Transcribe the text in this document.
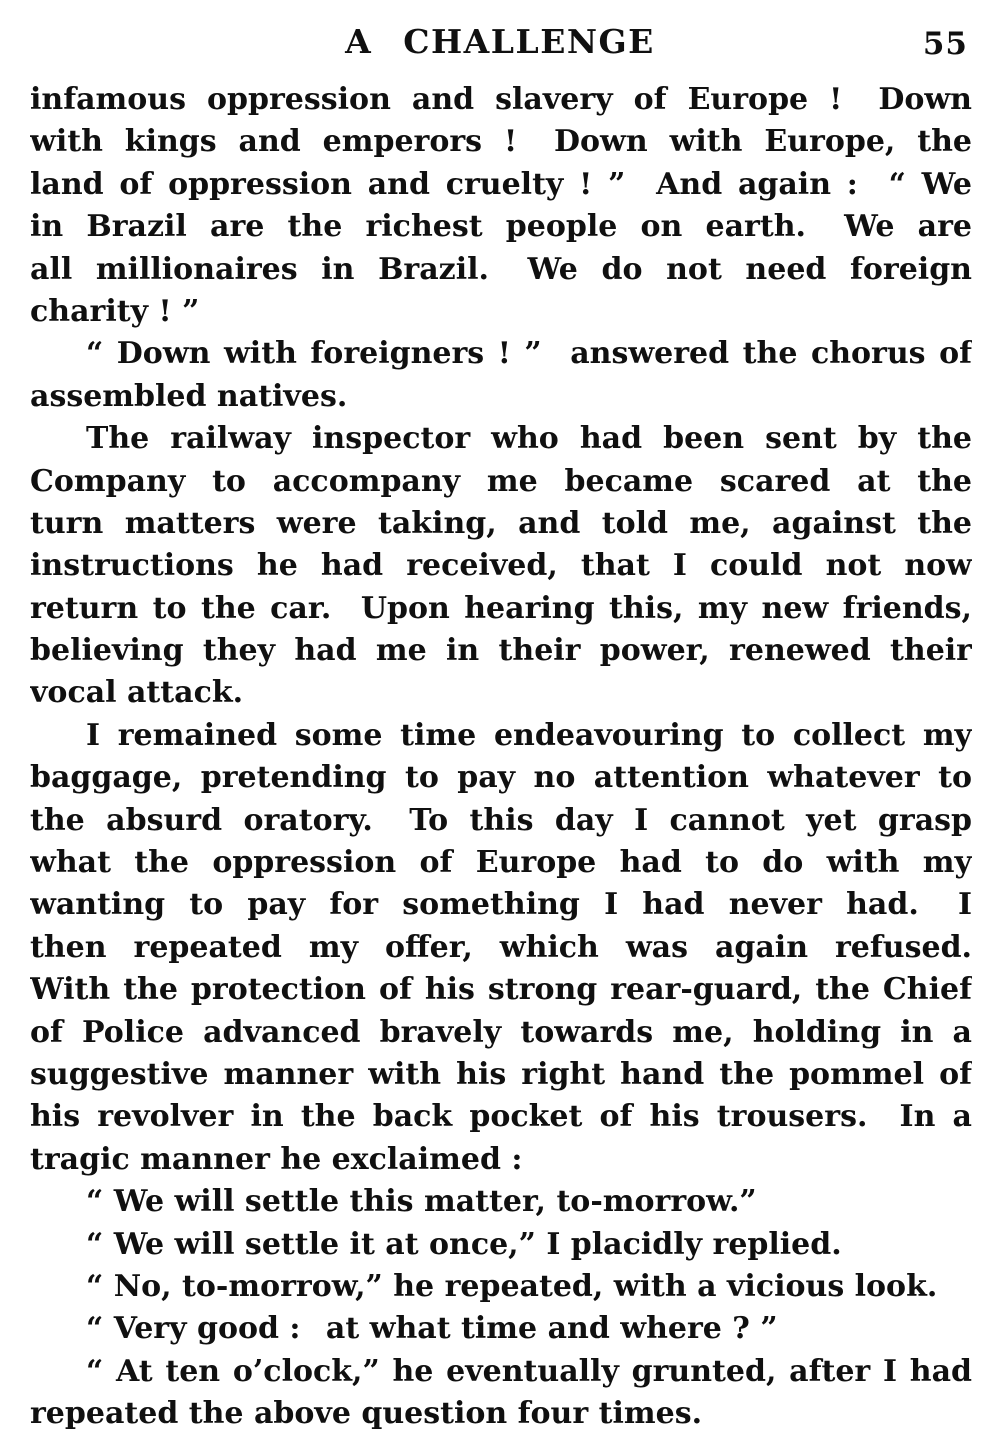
A CHALLENGE	55
infamous oppression and slavery of Europe !  Down
with kings and emperors !  Down with Europe, the
land of oppression and cruelty ! ”  And again :  “ We
in Brazil are the richest people on earth.  We are
all millionaires in Brazil.  We do not need foreign
charity ! ”
“ Down with foreigners ! ”  answered the chorus of
assembled natives.
The railway inspector who had been sent by the
Company to accompany me became scared at the
turn matters were taking, and told me, against the
instructions he had received, that I could not now
return to the car.  Upon hearing this, my new friends,
believing they had me in their power, renewed their
vocal attack.
I remained some time endeavouring to collect my
baggage, pretending to pay no attention whatever to
the absurd oratory.  To this day I cannot yet grasp
what the oppression of Europe had to do with my
wanting to pay for something I had never had.  I
then repeated my offer, which was again refused.
With the protection of his strong rear-guard, the Chief
of Police advanced bravely towards me, holding in a
suggestive manner with his right hand the pommel of
his revolver in the back pocket of his trousers.  In a
tragic manner he exclaimed :
“ We will settle this matter, to-morrow.”
“ We will settle it at once,” I placidly replied.
“ No, to-morrow,” he repeated, with a vicious look.
“ Very good :  at what time and where ? ”
“ At ten o’clock,” he eventually grunted, after I had
repeated the above question four times.
